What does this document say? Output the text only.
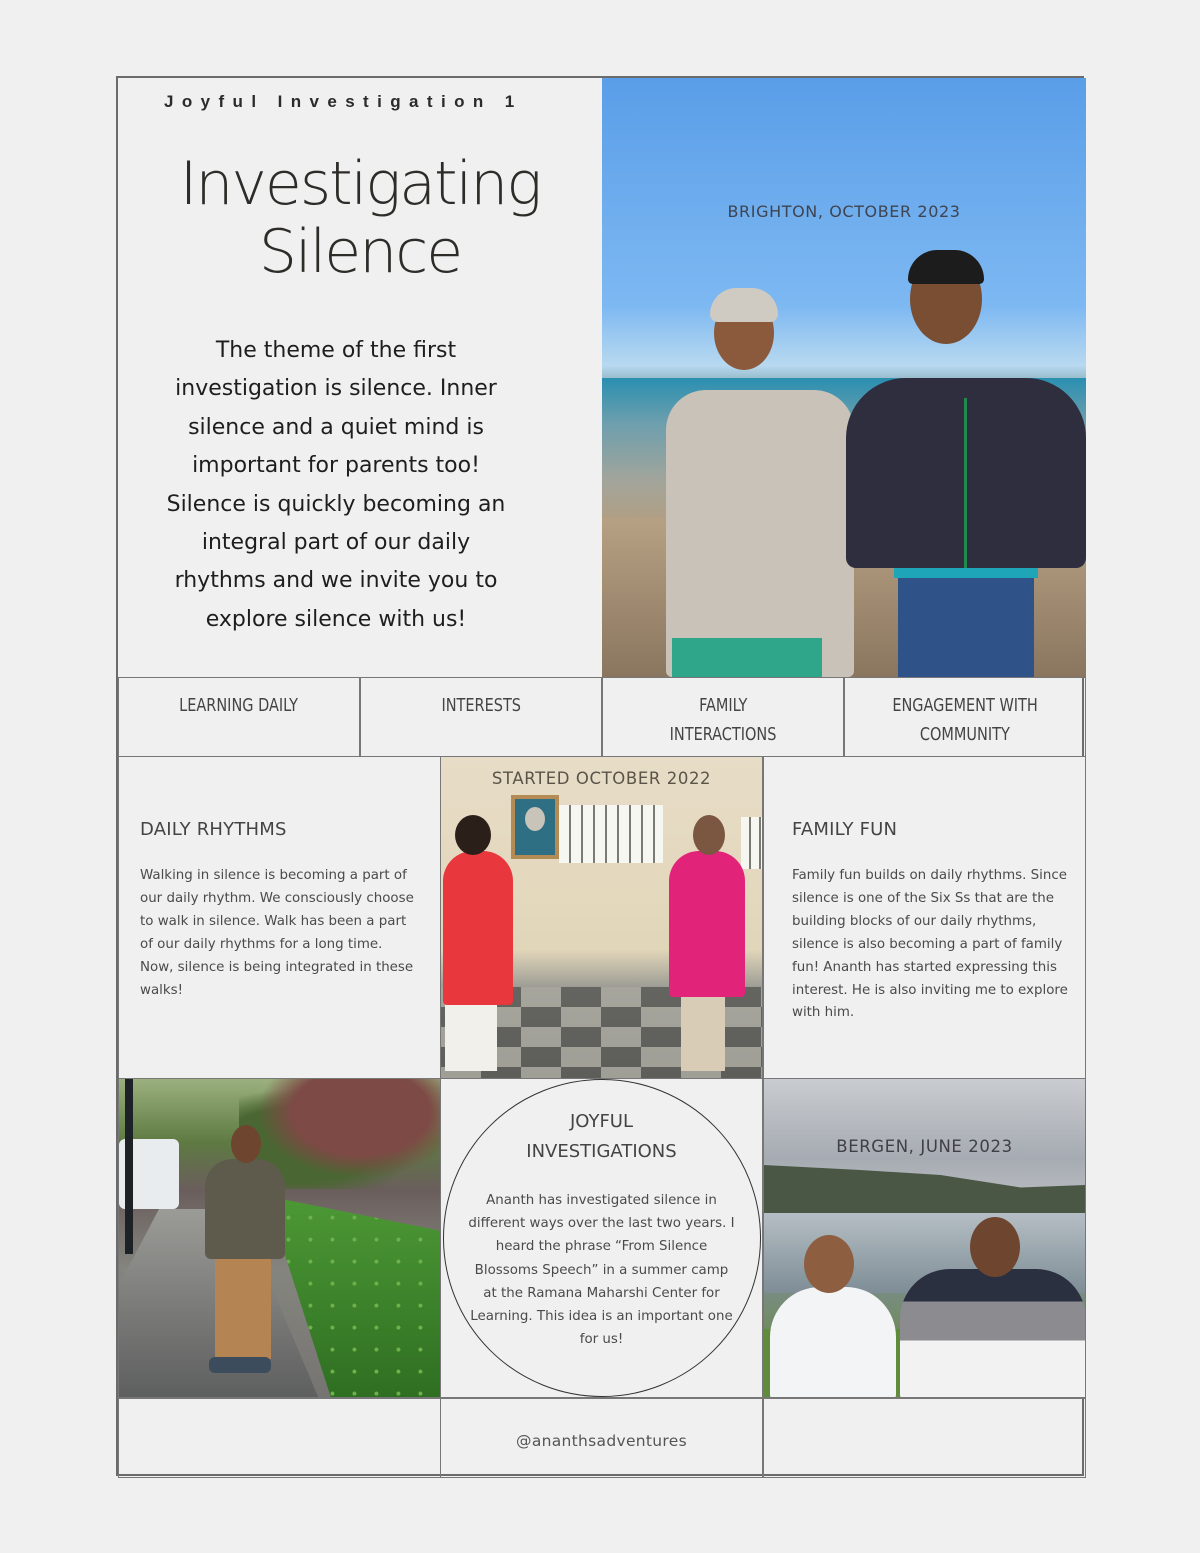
Joyful Investigation 1
Investigating
Silence
The theme of the first investigation is silence. Inner silence and a quiet mind is important for parents too! Silence is quickly becoming an integral part of our daily rhythms and we invite you to explore silence with us!
BRIGHTON, OCTOBER 2023
LEARNING DAILY	INTERESTS	FAMILY
INTERACTIONS
ENGAGEMENT WITH
COMMUNITY
DAILY RHYTHMS
Walking in silence is becoming a part of our daily rhythm. We consciously choose to walk in silence. Walk has been a part of our daily rhythms for a long time. Now, silence is being integrated in these walks!
STARTED OCTOBER 2022
FAMILY FUN
Family fun builds on daily rhythms. Since silence is one of the Six Ss that are the building blocks of our daily rhythms, silence is also becoming a part of family fun! Ananth has started expressing this interest. He is also inviting me to explore with him.
JOYFUL
INVESTIGATIONS
Ananth has investigated silence in different ways over the last two years. I heard the phrase “From Silence Blossoms Speech” in a summer camp at the Ramana Maharshi Center for Learning. This idea is an important one for us!
BERGEN, JUNE 2023
@ananthsadventures
